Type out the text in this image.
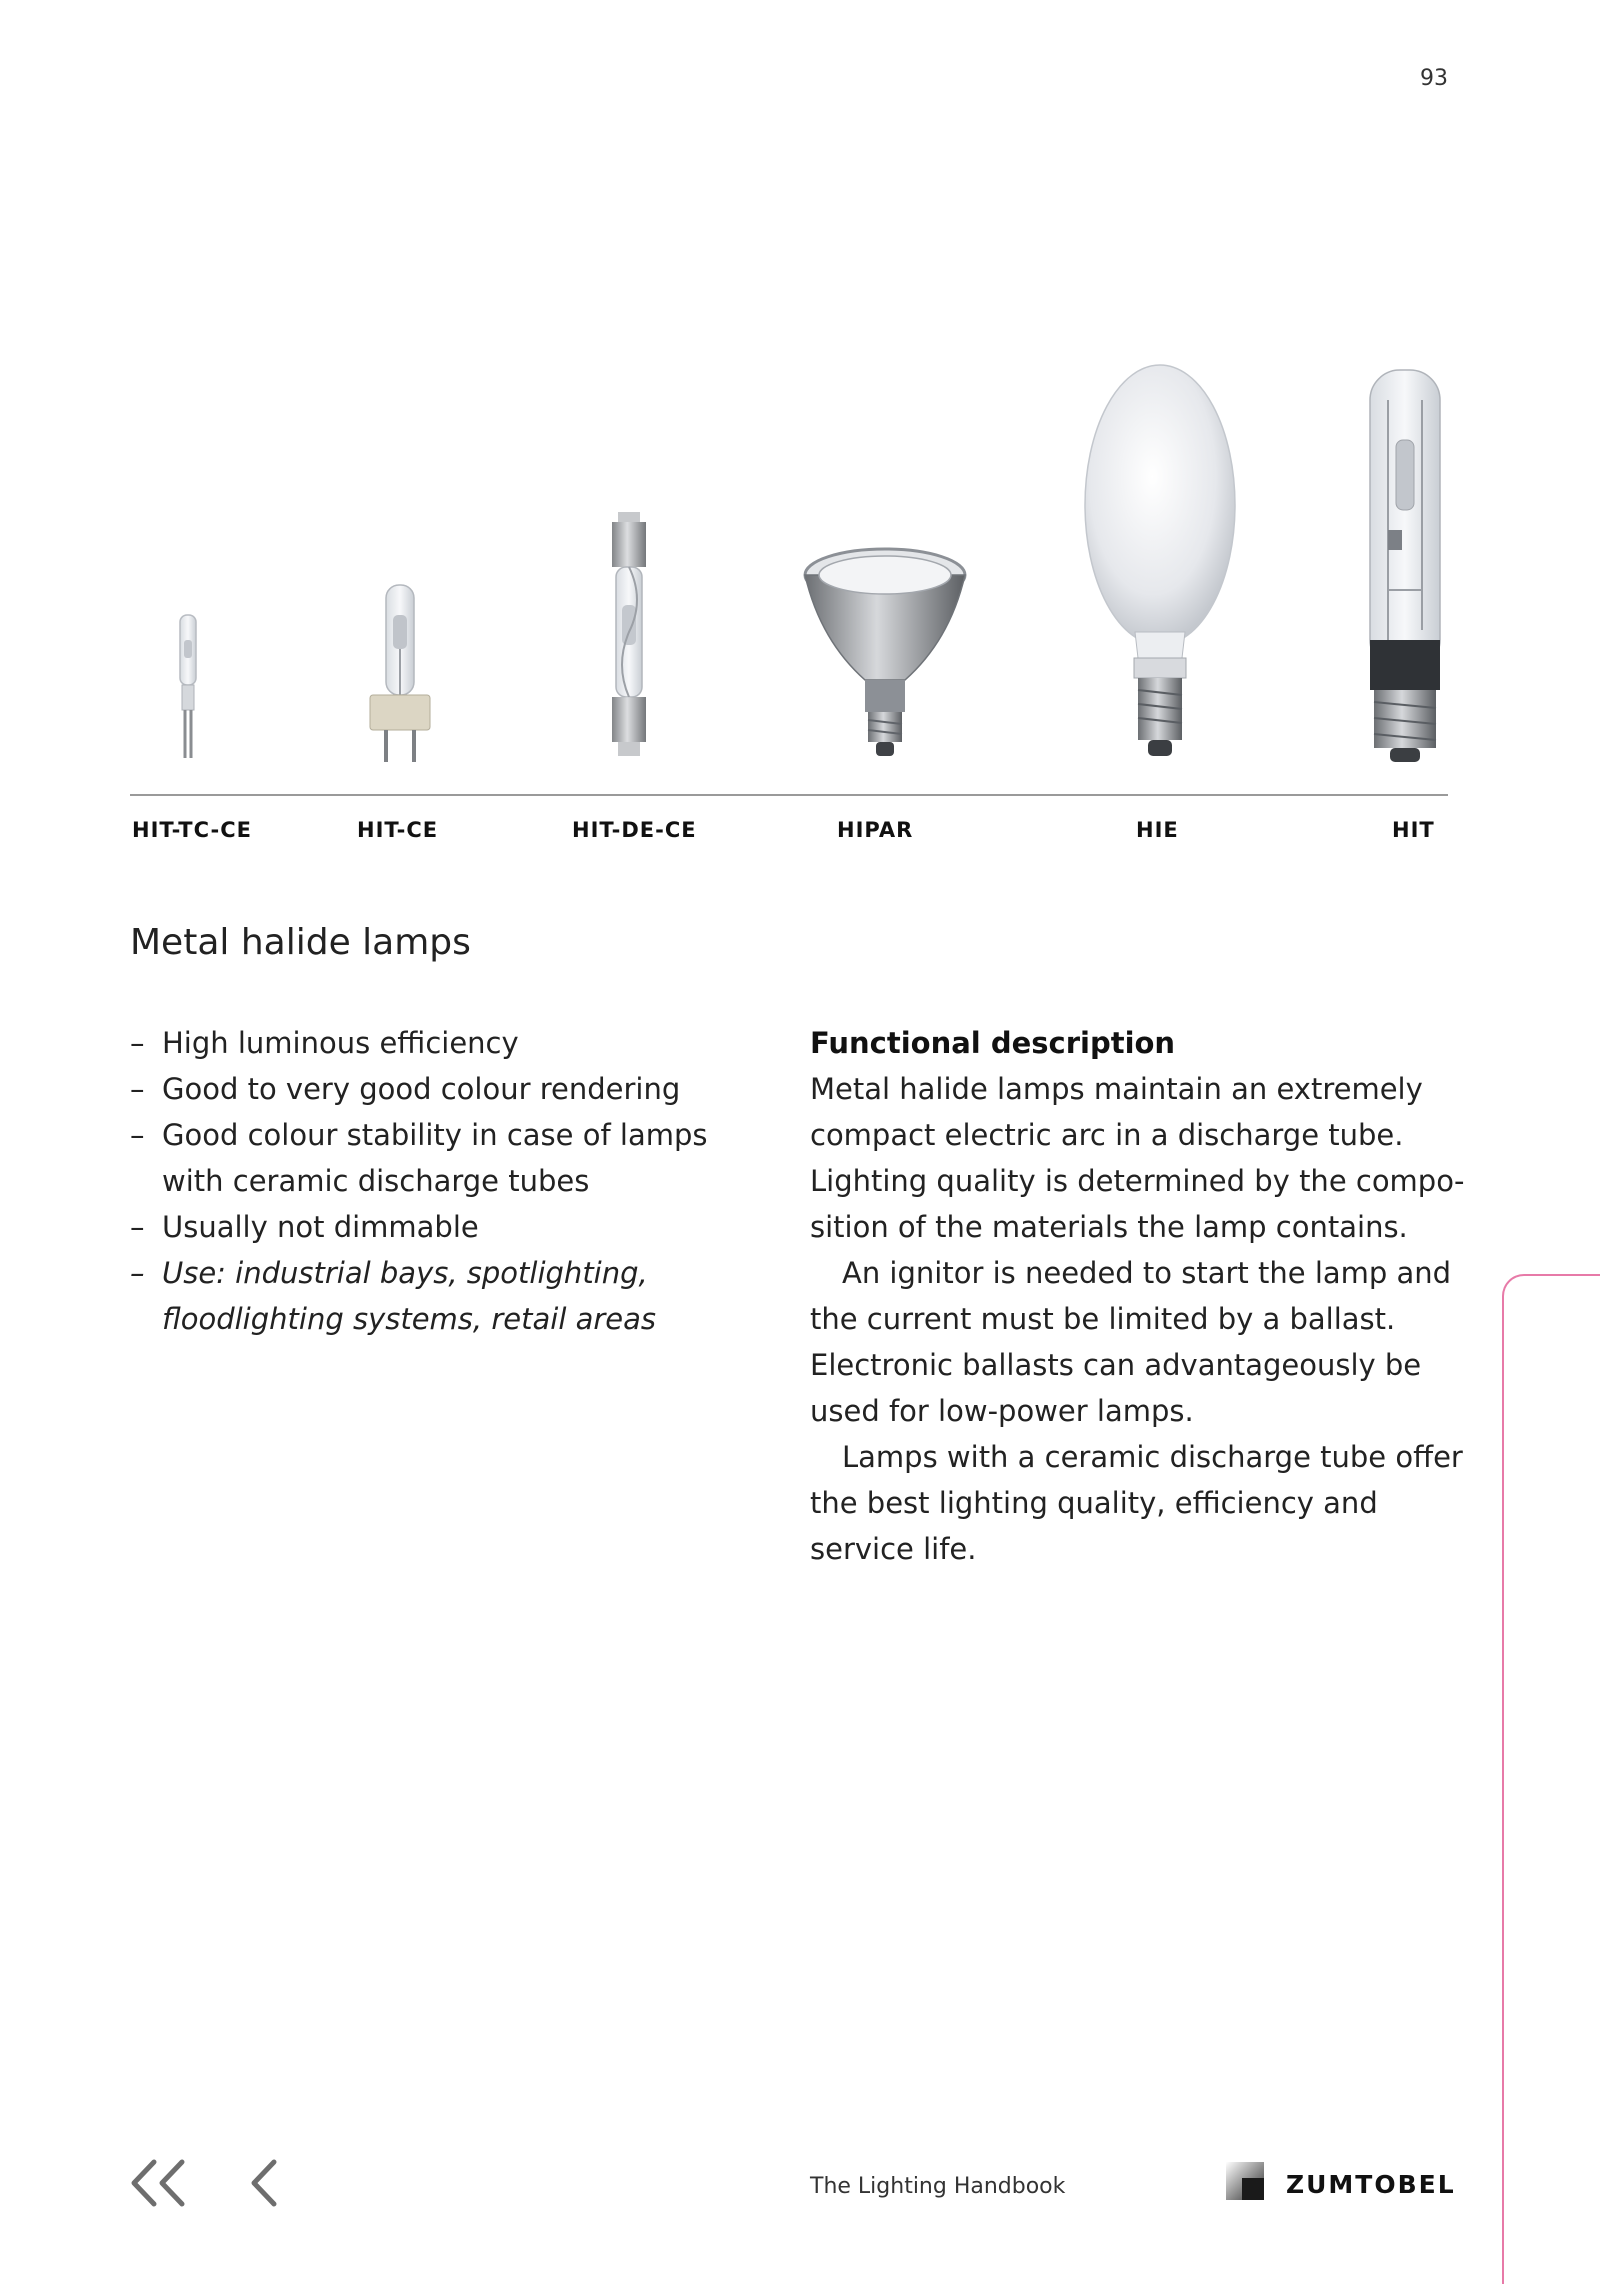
93
HIT-TC-CE	HIT-CE	HIT-DE-CE	HIPAR	HIE	HIT
Metal halide lamps
– High luminous efficiency
– Good to very good colour rendering
– Good colour stability in case of lamps with ceramic discharge tubes
– Usually not dimmable
– Use: industrial bays, spotlighting, floodlighting systems, retail areas
Functional description

Metal halide lamps maintain an extremely compact electric arc in a discharge tube. Lighting quality is determined by the composition of the materials the lamp contains.

An ignitor is needed to start the lamp and the current must be limited by a ballast. Electronic ballasts can advantageously be used for low-power lamps.

Lamps with a ceramic discharge tube offer the best lighting quality, efficiency and service life.

The Lighting Handbook	ZUMTOBEL
